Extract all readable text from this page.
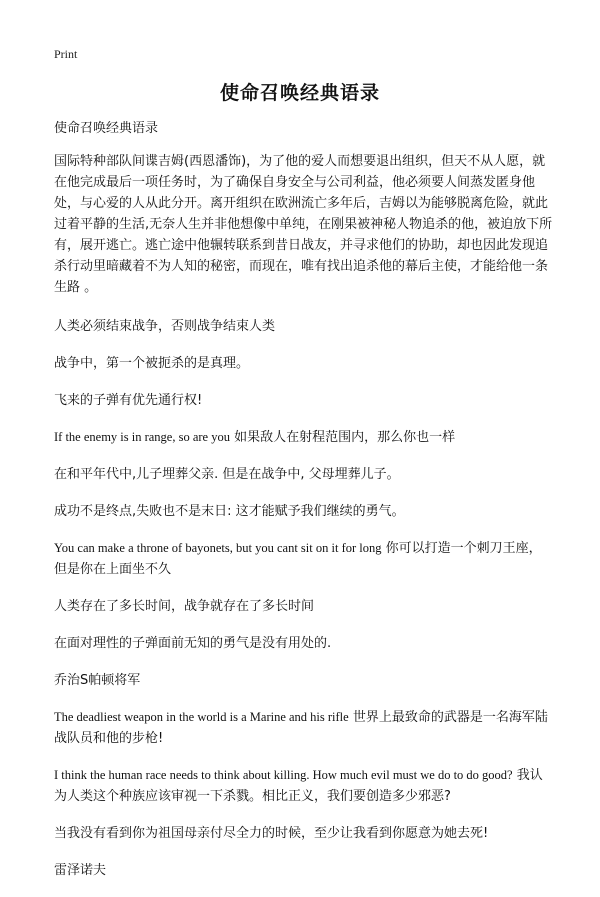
Print
使命召唤经典语录

使命召唤经典语录

国际特种部队间谍吉姆(西恩潘饰)，为了他的爱人而想要退出组织，但天不从人愿，就在他完成最后一项任务时，为了确保自身安全与公司利益，他必须要人间蒸发匿身他处，与心爱的人从此分开。离开组织在欧洲流亡多年后，吉姆以为能够脱离危险，就此过着平静的生活,无奈人生并非他想像中单纯，在刚果被神秘人物追杀的他，被迫放下所有，展开逃亡。逃亡途中他辗转联系到昔日战友，并寻求他们的协助，却也因此发现追杀行动里暗藏着不为人知的秘密，而现在，唯有找出追杀他的幕后主使，才能给他一条生路 。

人类必须结束战争，否则战争结束人类

战争中，第一个被扼杀的是真理。

飞来的子弹有优先通行权!

If the enemy is in range, so are you 如果敌人在射程范围内，那么你也一样

在和平年代中,儿子埋葬父亲. 但是在战争中, 父母埋葬儿子。

成功不是终点,失败也不是末日: 这才能赋予我们继续的勇气。

You can make a throne of bayonets, but you cant sit on it for long 你可以打造一个刺刀王座，但是你在上面坐不久

人类存在了多长时间，战争就存在了多长时间

在面对理性的子弹面前无知的勇气是没有用处的.

乔治S帕顿将军

The deadliest weapon in the world is a Marine and his rifle 世界上最致命的武器是一名海军陆战队员和他的步枪!

I think the human race needs to think about killing. How much evil must we do to do good? 我认为人类这个种族应该审视一下杀戮。相比正义，我们要创造多少邪恶?

当我没有看到你为祖国母亲付尽全力的时候，至少让我看到你愿意为她去死!

雷泽诺夫
